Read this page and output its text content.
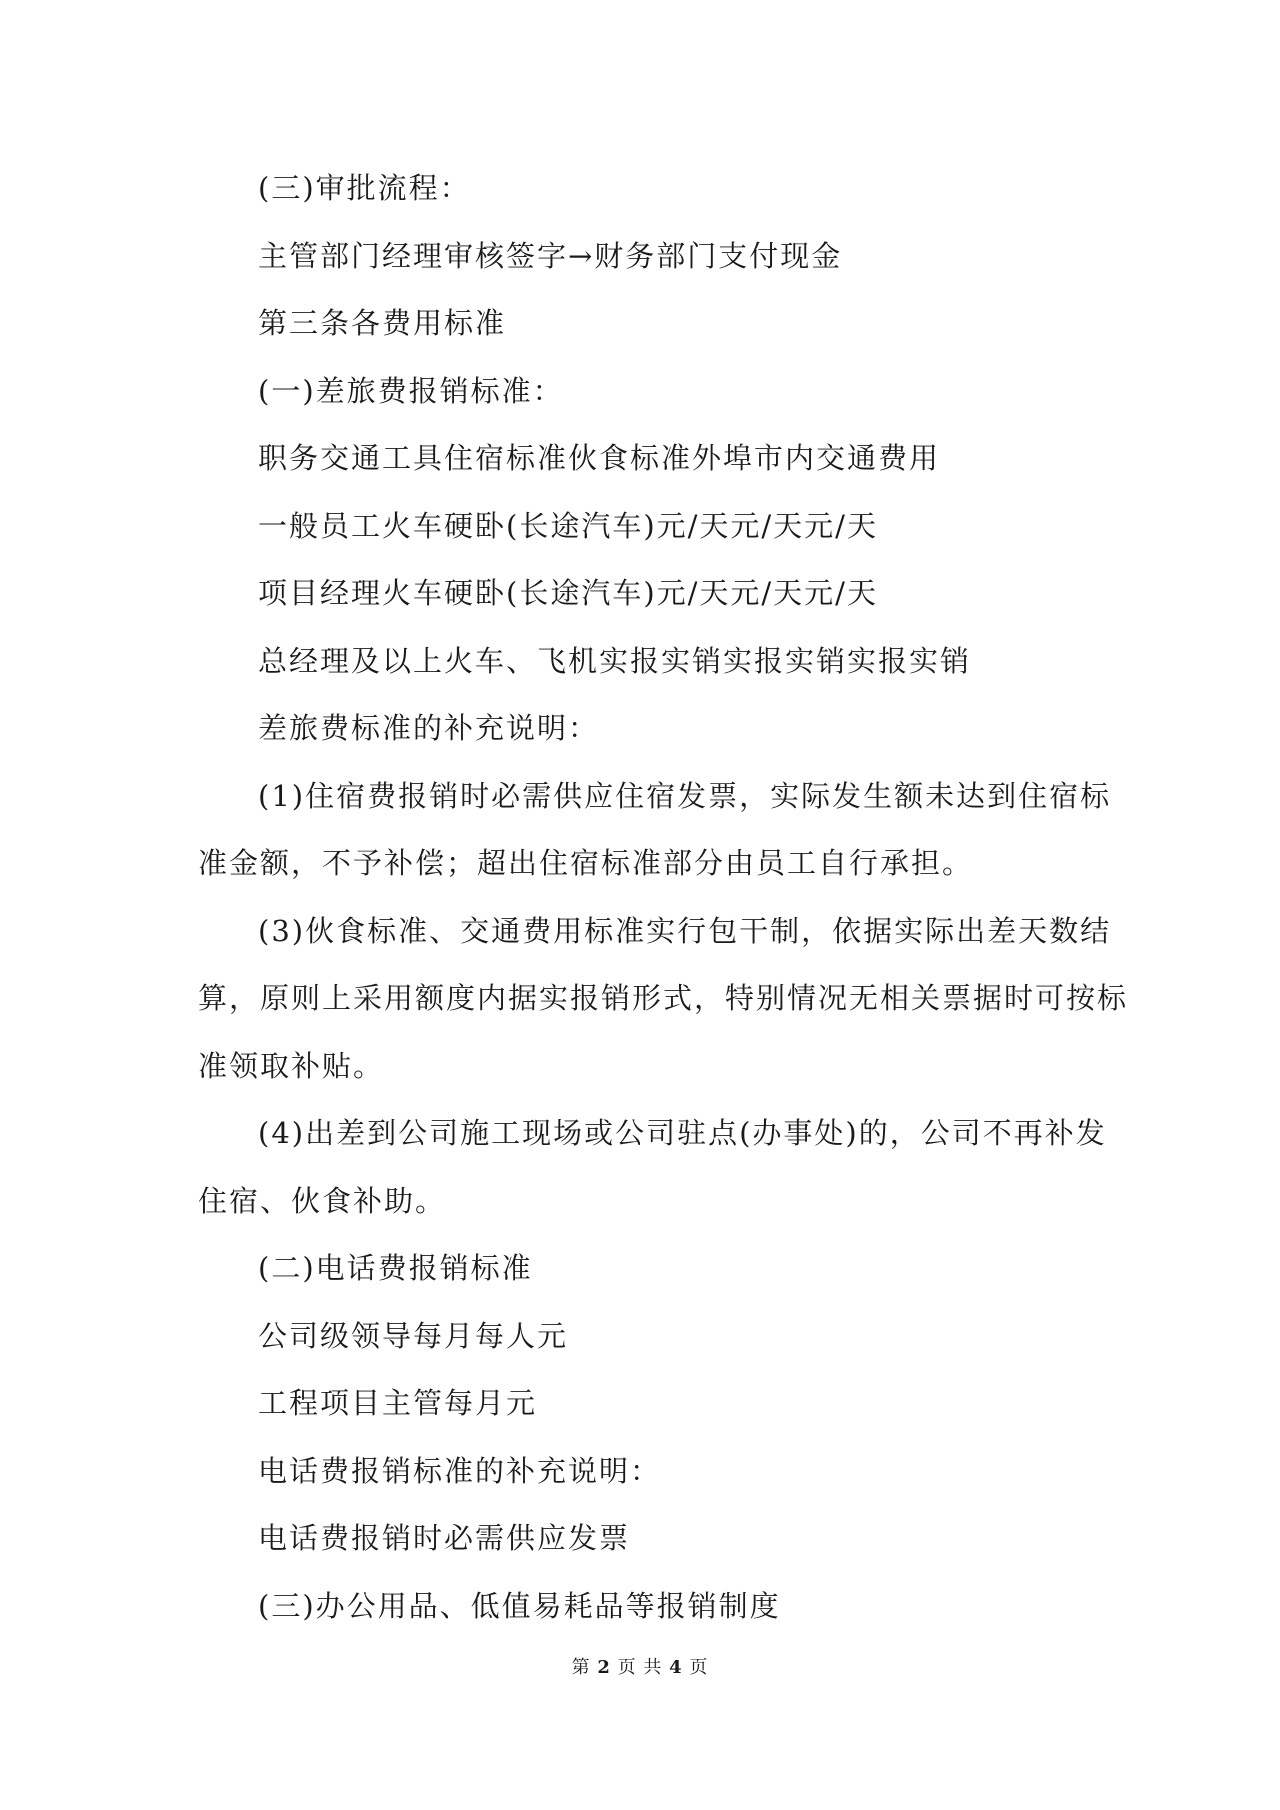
(三)审批流程：
主管部门经理审核签字→财务部门支付现金
第三条各费用标准
(一)差旅费报销标准：
职务交通工具住宿标准伙食标准外埠市内交通费用
一般员工火车硬卧(长途汽车)元/天元/天元/天
项目经理火车硬卧(长途汽车)元/天元/天元/天
总经理及以上火车、飞机实报实销实报实销实报实销
差旅费标准的补充说明：
(1)住宿费报销时必需供应住宿发票，实际发生额未达到住宿标
准金额，不予补偿；超出住宿标准部分由员工自行承担。
(3)伙食标准、交通费用标准实行包干制，依据实际出差天数结
算，原则上采用额度内据实报销形式，特别情况无相关票据时可按标
准领取补贴。
(4)出差到公司施工现场或公司驻点(办事处)的，公司不再补发
住宿、伙食补助。
(二)电话费报销标准
公司级领导每月每人元
工程项目主管每月元
电话费报销标准的补充说明：
电话费报销时必需供应发票
(三)办公用品、低值易耗品等报销制度
第 2 页 共 4 页
